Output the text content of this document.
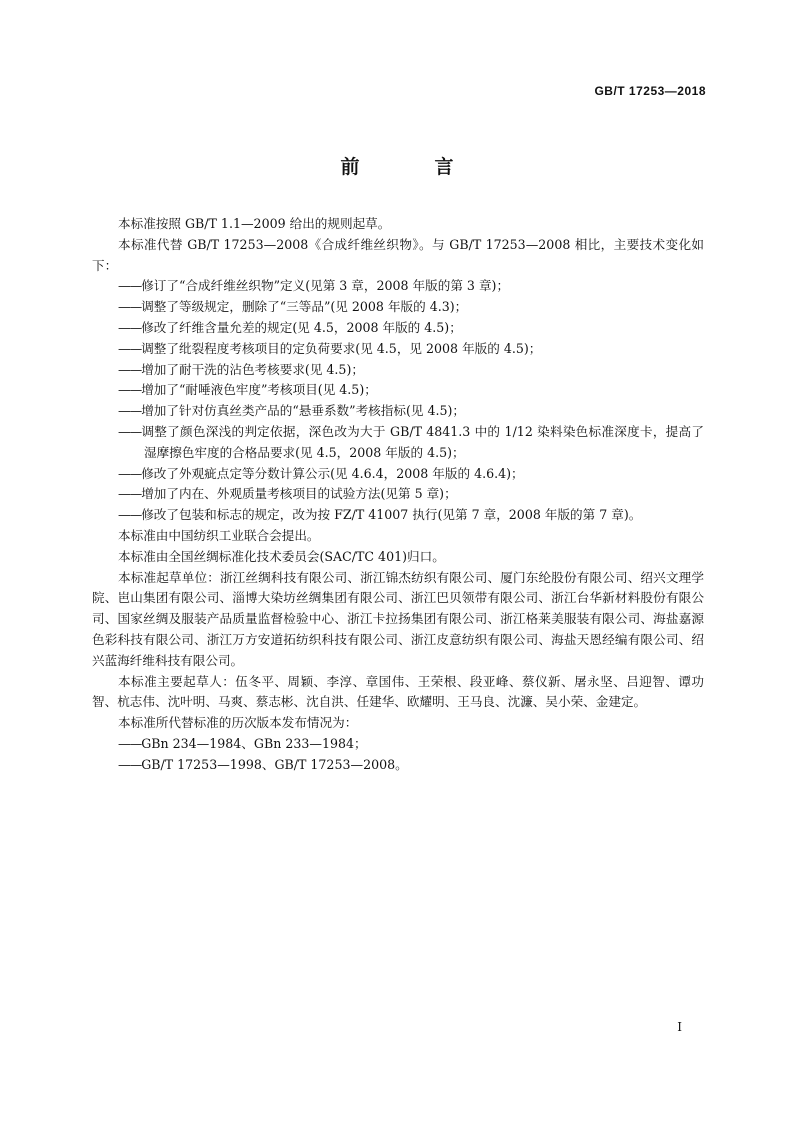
GB/T 17253—2018
前　言

本标准按照 GB/T 1.1—2009 给出的规则起草。

本标准代替 GB/T 17253—2008《合成纤维丝织物》。与 GB/T 17253—2008 相比，主要技术变化如下：

——修订了“合成纤维丝织物”定义(见第 3 章，2008 年版的第 3 章)；

——调整了等级规定，删除了“三等品”(见 2008 年版的 4.3)；

——修改了纤维含量允差的规定(见 4.5，2008 年版的 4.5)；

——调整了纰裂程度考核项目的定负荷要求(见 4.5，见 2008 年版的 4.5)；

——增加了耐干洗的沾色考核要求(见 4.5)；

——增加了“耐唾液色牢度”考核项目(见 4.5)；

——增加了针对仿真丝类产品的“悬垂系数”考核指标(见 4.5)；

——调整了颜色深浅的判定依据，深色改为大于 GB/T 4841.3 中的 1/12 染料染色标准深度卡，提高了湿摩擦色牢度的合格品要求(见 4.5，2008 年版的 4.5)；

——修改了外观疵点定等分数计算公示(见 4.6.4，2008 年版的 4.6.4)；

——增加了内在、外观质量考核项目的试验方法(见第 5 章)；

——修改了包装和标志的规定，改为按 FZ/T 41007 执行(见第 7 章，2008 年版的第 7 章)。

本标准由中国纺织工业联合会提出。

本标准由全国丝绸标准化技术委员会(SAC/TC 401)归口。

本标准起草单位：浙江丝绸科技有限公司、浙江锦杰纺织有限公司、厦门东纶股份有限公司、绍兴文理学院、岜山集团有限公司、淄博大染坊丝绸集团有限公司、浙江巴贝领带有限公司、浙江台华新材料股份有限公司、国家丝绸及服装产品质量监督检验中心、浙江卡拉扬集团有限公司、浙江格莱美服装有限公司、海盐嘉源色彩科技有限公司、浙江万方安道拓纺织科技有限公司、浙江皮意纺织有限公司、海盐天恩经编有限公司、绍兴蓝海纤维科技有限公司。

本标准主要起草人：伍冬平、周颖、李淳、章国伟、王荣根、段亚峰、蔡仪新、屠永坚、吕迎智、谭功智、杭志伟、沈叶明、马爽、蔡志彬、沈自洪、任建华、欧耀明、王马良、沈濂、吴小荣、金建定。

本标准所代替标准的历次版本发布情况为：

——GBn 234—1984、GBn 233—1984；

——GB/T 17253—1998、GB/T 17253—2008。

I
